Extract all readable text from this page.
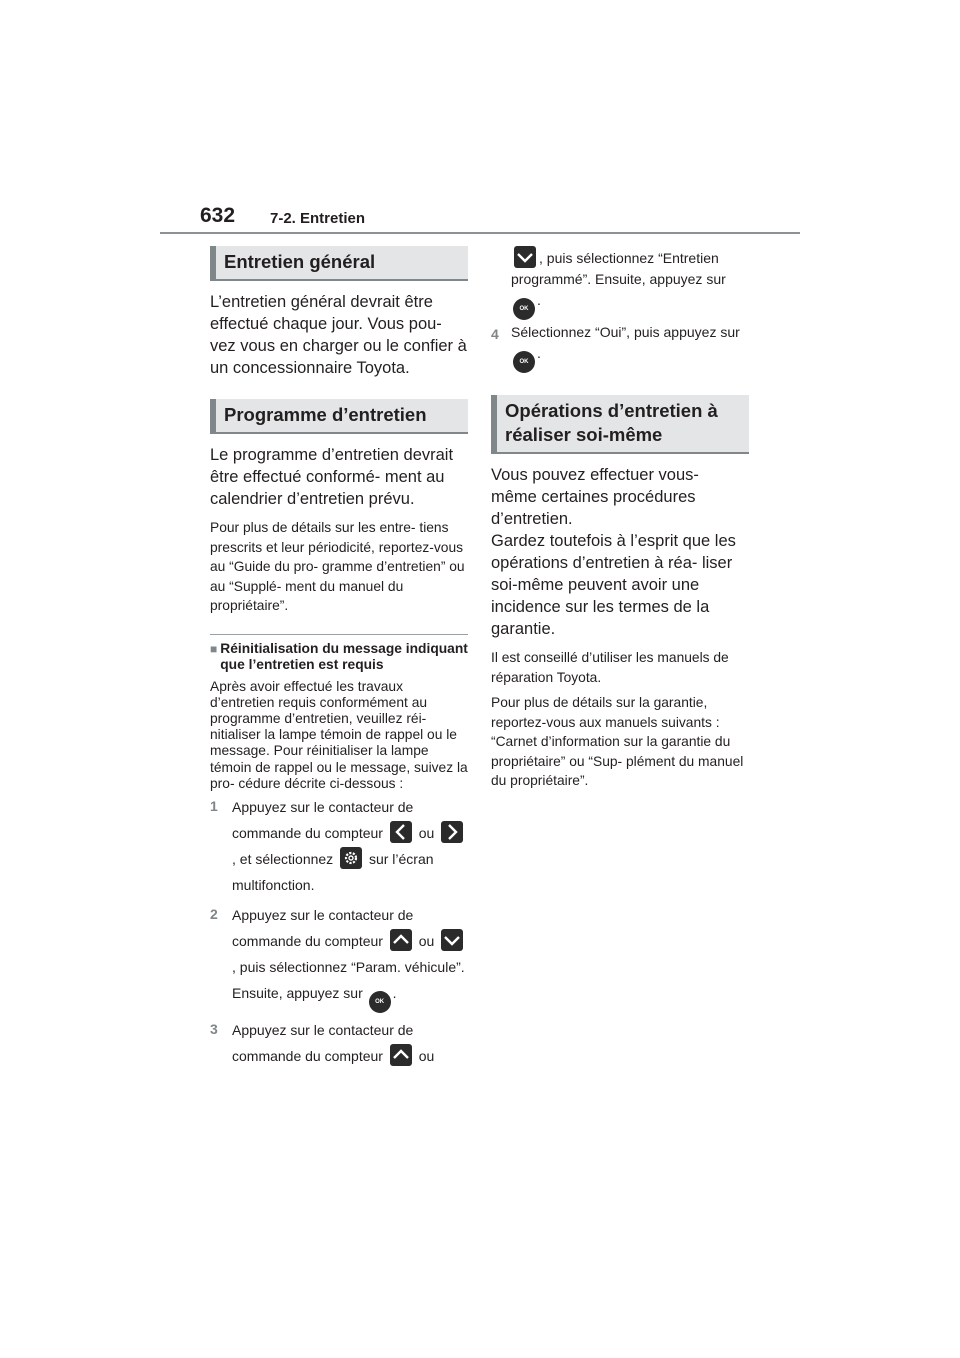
632 7-2. Entretien
Entretien général

L’entretien général devrait être effectué chaque jour. Vous pou- vez vous en charger ou le confier à un concessionnaire Toyota.

Programme d’entretien

Le programme d’entretien devrait être effectué conformé- ment au calendrier d’entretien prévu.

Pour plus de détails sur les entre- tiens prescrits et leur périodicité, reportez-vous au “Guide du pro- gramme d’entretien” ou au “Supplé- ment du manuel du propriétaire”.

■ Réinitialisation du message indiquant que l’entretien est requis

Après avoir effectué les travaux d’entretien requis conformément au programme d’entretien, veuillez réi- nitialiser la lampe témoin de rappel ou le message. Pour réinitialiser la lampe témoin de rappel ou le message, suivez la pro- cédure décrite ci-dessous :

1	Appuyez sur le contacteur de commande du compteur	ou
, et sélectionnez	sur l’écran multifonction.
2	Appuyez sur le contacteur de commande du compteur	ou
, puis sélectionnez “Param. véhicule”. Ensuite, appuyez sur OK.
3	Appuyez sur le contacteur de commande du compteur	ou
, puis sélectionnez “Entretien programmé”. Ensuite, appuyez sur OK.
4 Sélectionnez “Oui”, puis appuyez sur OK.
Opérations d’entretien à réaliser soi-même

Vous pouvez effectuer vous- même certaines procédures d’entretien.

Gardez toutefois à l’esprit que les opérations d’entretien à réa- liser soi-même peuvent avoir une incidence sur les termes de la garantie.

Il est conseillé d’utiliser les manuels de réparation Toyota.

Pour plus de détails sur la garantie, reportez-vous aux manuels suivants : “Carnet d’information sur la garantie du propriétaire” ou “Sup- plément du manuel du propriétaire”.
